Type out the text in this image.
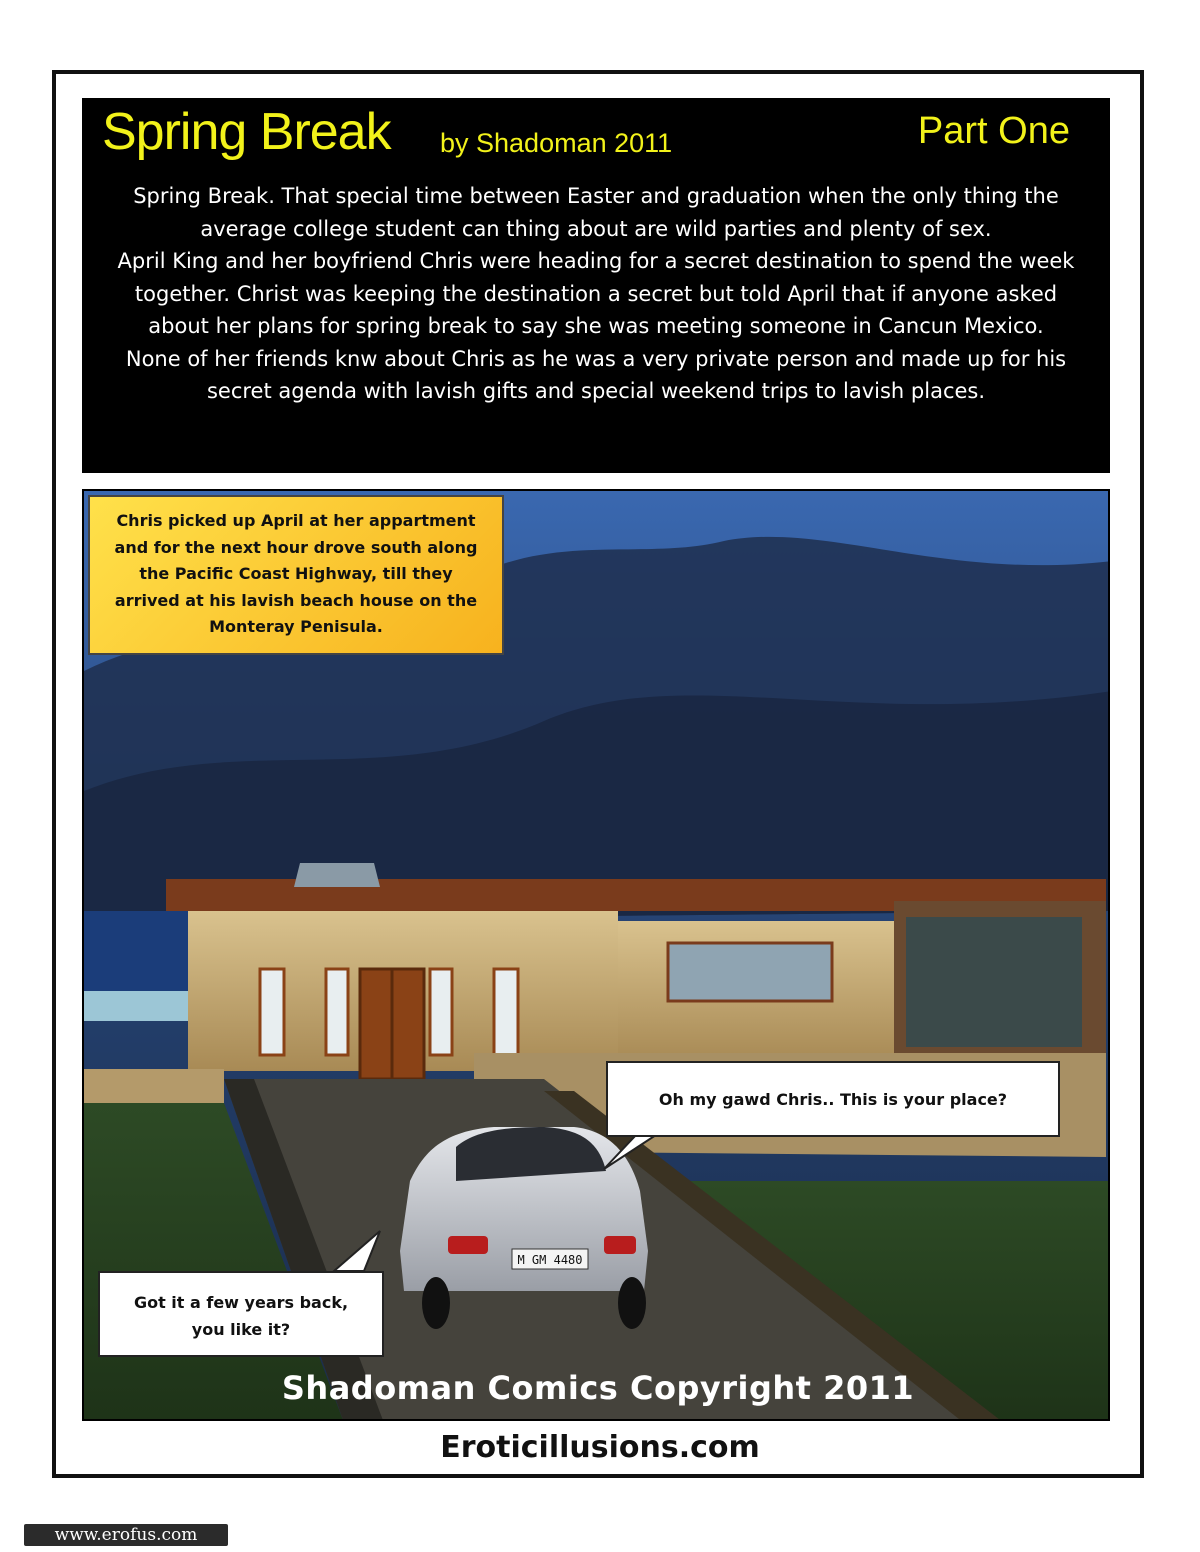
Spring Break by Shadoman 2011	Part One

Spring Break. That special time between Easter and graduation when the only thing the average college student can thing about are wild parties and plenty of sex.

April King and her boyfriend Chris were heading for a secret destination to spend the week together. Christ was keeping the destination a secret but told April that if anyone asked about her plans for spring break to say she was meeting someone in Cancun Mexico.

None of her friends knw about Chris as he was a very private person and made up for his secret agenda with lavish gifts and special weekend trips to lavish places.

M GM 4480
Chris picked up April at her appartment
and for the next hour drove south along
the Pacific Coast Highway, till they
arrived at his lavish beach house on the
Monteray Penisula.
Oh my gawd Chris.. This is your place?
Got it a few years back,
you like it?
Shadoman Comics Copyright 2011
Eroticillusions.com
www.erofus.com
